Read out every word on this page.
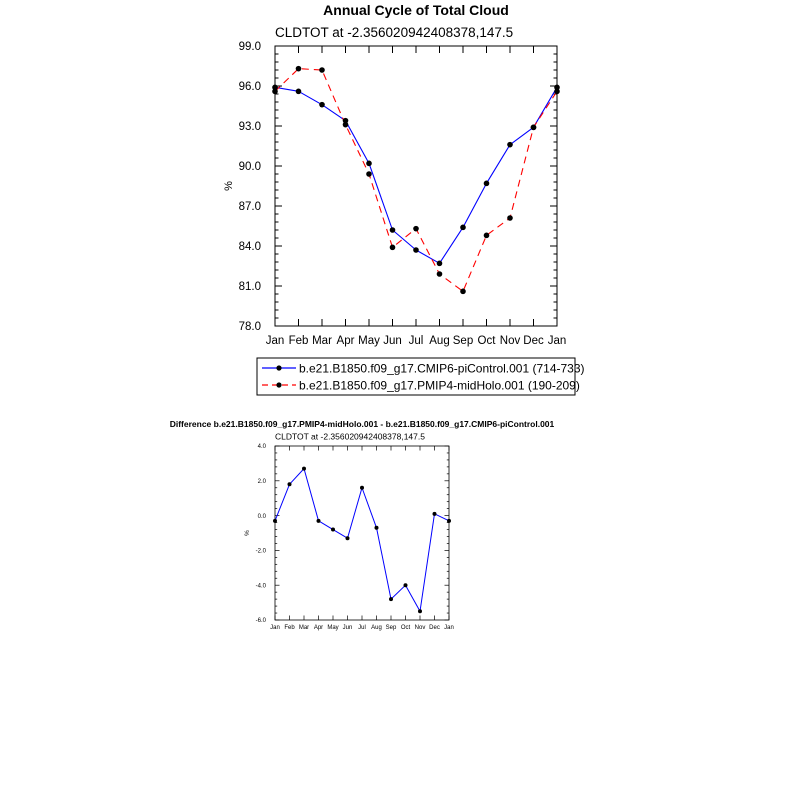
Annual Cycle of Total Cloud
CLDTOT at -2.356020942408378,147.5
%
Jan Feb Mar Apr May Jun Jul Aug Sep Oct Nov Dec Jan
78.0
81.0
84.0
87.0
90.0
93.0
96.0
99.0
b.e21.B1850.f09_g17.CMIP6-piControl.001 (714-733)
b.e21.B1850.f09_g17.PMIP4-midHolo.001 (190-209)
Difference b.e21.B1850.f09_g17.PMIP4-midHolo.001 - b.e21.B1850.f09_g17.CMIP6-piControl.001
CLDTOT at -2.356020942408378,147.5
%
Jan Feb Mar Apr May Jun Jul Aug Sep Oct Nov Dec Jan
-6.0
-4.0
-2.0
0.0
2.0
4.0
